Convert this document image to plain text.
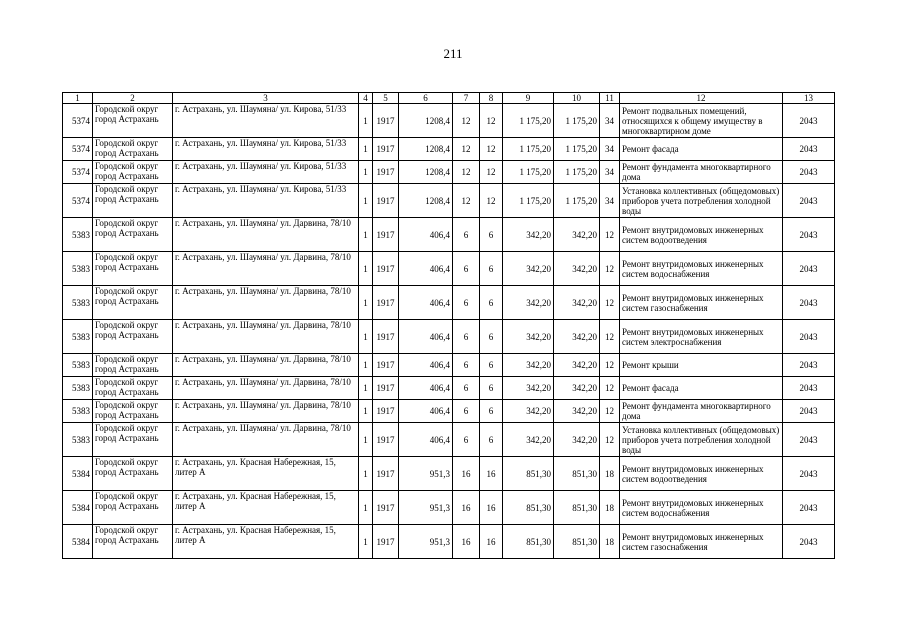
211
1	2	3	4	5	6	7	8	9	10	11	12	13
5374	Городской округ город Астрахань	г. Астрахань, ул. Шаумяна/ ул. Кирова, 51/33	1	1917	1208,4	12	12	1 175,20	1 175,20	34	Ремонт подвальных помещений, относящихся к общему имуществу в многоквартирном доме	2043
5374	Городской округ город Астрахань	г. Астрахань, ул. Шаумяна/ ул. Кирова, 51/33	1	1917	1208,4	12	12	1 175,20	1 175,20	34	Ремонт фасада	2043
5374	Городской округ город Астрахань	г. Астрахань, ул. Шаумяна/ ул. Кирова, 51/33	1	1917	1208,4	12	12	1 175,20	1 175,20	34	Ремонт фундамента многоквартирного дома	2043
5374	Городской округ город Астрахань	г. Астрахань, ул. Шаумяна/ ул. Кирова, 51/33	1	1917	1208,4	12	12	1 175,20	1 175,20	34	Установка коллективных (общедомовых) приборов учета потребления холодной воды	2043
5383	Городской округ город Астрахань	г. Астрахань, ул. Шаумяна/ ул. Дарвина, 78/10	1	1917	406,4	6	6	342,20	342,20	12	Ремонт внутридомовых инженерных систем водоотведения	2043
5383	Городской округ город Астрахань	г. Астрахань, ул. Шаумяна/ ул. Дарвина, 78/10	1	1917	406,4	6	6	342,20	342,20	12	Ремонт внутридомовых инженерных систем водоснабжения	2043
5383	Городской округ город Астрахань	г. Астрахань, ул. Шаумяна/ ул. Дарвина, 78/10	1	1917	406,4	6	6	342,20	342,20	12	Ремонт внутридомовых инженерных систем газоснабжения	2043
5383	Городской округ город Астрахань	г. Астрахань, ул. Шаумяна/ ул. Дарвина, 78/10	1	1917	406,4	6	6	342,20	342,20	12	Ремонт внутридомовых инженерных систем электроснабжения	2043
5383	Городской округ город Астрахань	г. Астрахань, ул. Шаумяна/ ул. Дарвина, 78/10	1	1917	406,4	6	6	342,20	342,20	12	Ремонт крыши	2043
5383	Городской округ город Астрахань	г. Астрахань, ул. Шаумяна/ ул. Дарвина, 78/10	1	1917	406,4	6	6	342,20	342,20	12	Ремонт фасада	2043
5383	Городской округ город Астрахань	г. Астрахань, ул. Шаумяна/ ул. Дарвина, 78/10	1	1917	406,4	6	6	342,20	342,20	12	Ремонт фундамента многоквартирного дома	2043
5383	Городской округ город Астрахань	г. Астрахань, ул. Шаумяна/ ул. Дарвина, 78/10	1	1917	406,4	6	6	342,20	342,20	12	Установка коллективных (общедомовых) приборов учета потребления холодной воды	2043
5384	Городской округ город Астрахань	г. Астрахань, ул. Красная Набережная, 15, литер А	1	1917	951,3	16	16	851,30	851,30	18	Ремонт внутридомовых инженерных систем водоотведения	2043
5384	Городской округ город Астрахань	г. Астрахань, ул. Красная Набережная, 15, литер А	1	1917	951,3	16	16	851,30	851,30	18	Ремонт внутридомовых инженерных систем водоснабжения	2043
5384	Городской округ город Астрахань	г. Астрахань, ул. Красная Набережная, 15, литер А	1	1917	951,3	16	16	851,30	851,30	18	Ремонт внутридомовых инженерных систем газоснабжения	2043
